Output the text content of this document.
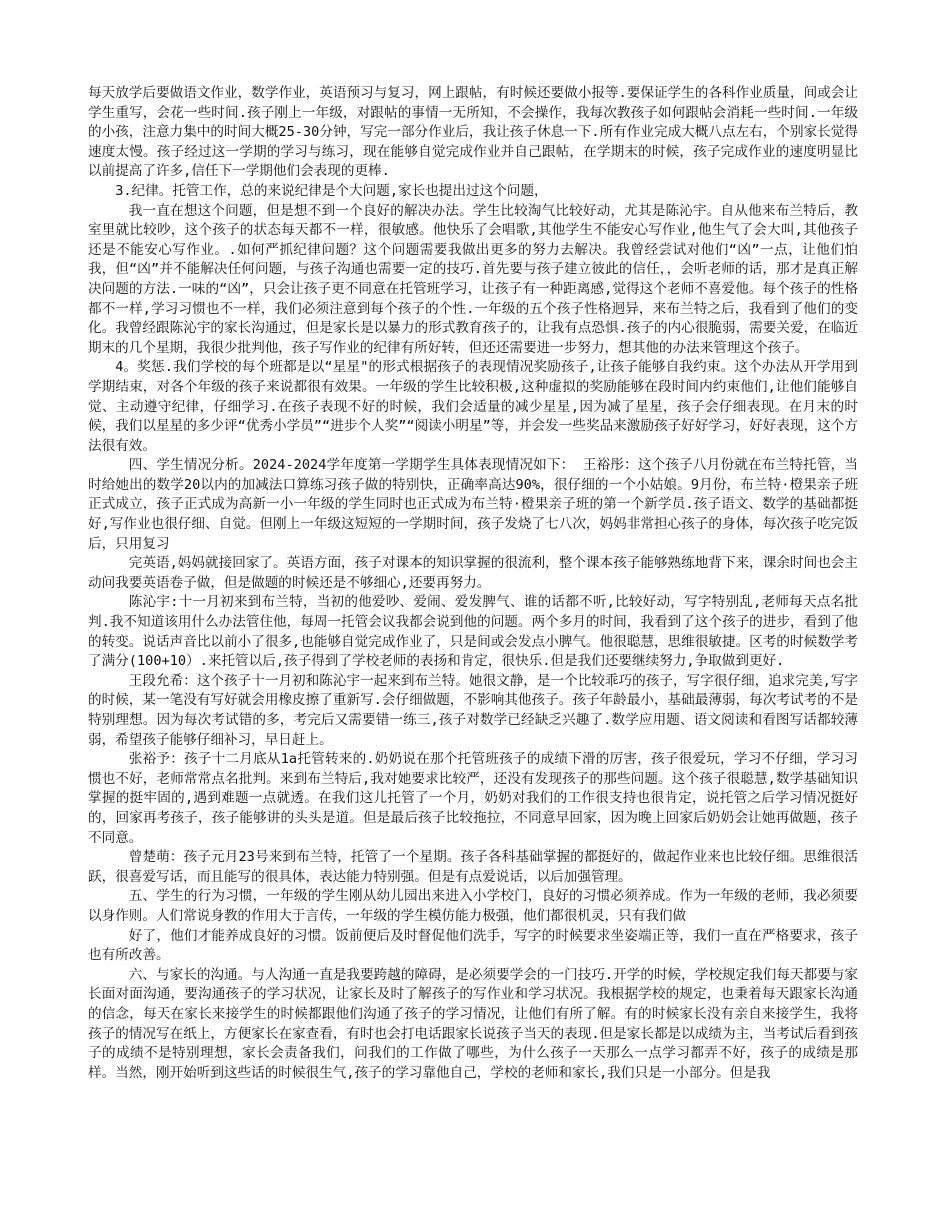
每天放学后要做语文作业，数学作业，英语预习与复习，网上跟帖，有时候还要做小报等.要保证学生的各科作业质量，间或会让学生重写，会花一些时间.孩子刚上一年级，对跟帖的事情一无所知，不会操作，我每次教孩子如何跟帖会消耗一些时间.一年级的小孩，注意力集中的时间大概25-30分钟，写完一部分作业后，我让孩子休息一下.所有作业完成大概八点左右，个别家长觉得速度太慢。孩子经过这一学期的学习与练习，现在能够自觉完成作业并自己跟帖，在学期末的时候，孩子完成作业的速度明显比以前提高了许多,信任下一学期他们会表现的更棒.

3.纪律。托管工作，总的来说纪律是个大问题,家长也提出过这个问题，

我一直在想这个问题，但是想不到一个良好的解决办法。学生比较淘气比较好动，尤其是陈沁宇。自从他来布兰特后，教室里就比较吵，这个孩子的状态每天都不一样，很敏感。他快乐了会唱歌,其他学生不能安心写作业,他生气了会大叫,其他孩子还是不能安心写作业。.如何严抓纪律问题？这个问题需要我做出更多的努力去解决。我曾经尝试对他们“凶”一点，让他们怕我，但“凶”并不能解决任何问题，与孩子沟通也需要一定的技巧.首先要与孩子建立彼此的信任，，会听老师的话，那才是真正解决问题的方法.一味的“凶”，只会让孩子更不同意在托管班学习，让孩子有一种距离感,觉得这个老师不喜爱他。每个孩子的性格都不一样,学习习惯也不一样，我们必须注意到每个孩子的个性.一年级的五个孩子性格迥异，来布兰特之后，我看到了他们的变化。我曾经跟陈沁宇的家长沟通过，但是家长是以暴力的形式教育孩子的，让我有点恐惧.孩子的内心很脆弱，需要关爱，在临近期末的几个星期，我很少批判他，孩子写作业的纪律有所好转，但还还需要进一步努力，想其他的办法来管理这个孩子。

4。奖惩.我们学校的每个班都是以“星星"的形式根据孩子的表现情况奖励孩子,让孩子能够自我约束。这个办法从开学用到学期结束，对各个年级的孩子来说都很有效果。一年级的学生比较积极,这种虚拟的奖励能够在段时间内约束他们,让他们能够自觉、主动遵守纪律，仔细学习.在孩子表现不好的时候，我们会适量的减少星星,因为减了星星，孩子会仔细表现。在月末的时候，我们以星星的多少评“优秀小学员”“进步个人奖”“阅读小明星”等，并会发一些奖品来激励孩子好好学习，好好表现，这个方法很有效。

四、学生情况分析。2024-2024学年度第一学期学生具体表现情况如下： 王裕彤：这个孩子八月份就在布兰特托管，当时给她出的数学20以内的加减法口算练习孩子做的特别快，正确率高达90%，很仔细的一个小姑娘。9月份，布兰特·橙果亲子班正式成立，孩子正式成为高新一小一年级的学生同时也正式成为布兰特·橙果亲子班的第一个新学员.孩子语文、数学的基础都挺好,写作业也很仔细、自觉。但刚上一年级这短短的一学期时间，孩子发烧了七八次，妈妈非常担心孩子的身体，每次孩子吃完饭后，只用复习

完英语,妈妈就接回家了。英语方面，孩子对课本的知识掌握的很流利，整个课本孩子能够熟练地背下来，课余时间也会主动问我要英语卷子做，但是做题的时候还是不够细心,还要再努力。

陈沁宇:十一月初来到布兰特，当初的他爱吵、爱闹、爱发脾气、谁的话都不听,比较好动，写字特别乱,老师每天点名批判.我不知道该用什么办法管住他，每周一托管会议我都会说到他的问题。两个多月的时间，我看到了这个孩子的进步，看到了他的转变。说话声音比以前小了很多,也能够自觉完成作业了，只是间或会发点小脾气。他很聪慧，思维很敏捷。区考的时候数学考了满分(100+10）.来托管以后,孩子得到了学校老师的表扬和肯定，很快乐.但是我们还要继续努力,争取做到更好.

王段允希：这个孩子十一月初和陈沁宇一起来到布兰特。她很文静，是一个比较乖巧的孩子，写字很仔细，追求完美,写字的时候，某一笔没有写好就会用橡皮擦了重新写.会仔细做题，不影响其他孩子。孩子年龄最小，基础最薄弱，每次考试考的不是特别理想。因为每次考试错的多，考完后又需要错一练三,孩子对数学已经缺乏兴趣了.数学应用题、语文阅读和看图写话都较薄弱，希望孩子能够仔细补习，早日赶上。

张裕予：孩子十二月底从1a托管转来的.奶奶说在那个托管班孩子的成绩下滑的厉害，孩子很爱玩，学习不仔细，学习习惯也不好，老师常常点名批判。来到布兰特后,我对她要求比较严，还没有发现孩子的那些问题。这个孩子很聪慧,数学基础知识掌握的挺牢固的,遇到难题一点就透。在我们这儿托管了一个月，奶奶对我们的工作很支持也很肯定，说托管之后学习情况挺好的，回家再考孩子，孩子能够讲的头头是道。但是最后孩子比较拖拉，不同意早回家，因为晚上回家后奶奶会让她再做题，孩子不同意。

曾楚萌：孩子元月23号来到布兰特，托管了一个星期。孩子各科基础掌握的都挺好的，做起作业来也比较仔细。思维很活跃，很喜爱写话，而且能写的很具体，表达能力特别强。但是有点爱说话，以后加强管理。

五、学生的行为习惯，一年级的学生刚从幼儿园出来进入小学校门，良好的习惯必须养成。作为一年级的老师，我必须要以身作则。人们常说身教的作用大于言传，一年级的学生模仿能力极强，他们都很机灵，只有我们做

好了，他们才能养成良好的习惯。饭前便后及时督促他们洗手，写字的时候要求坐姿端正等，我们一直在严格要求，孩子也有所改善。

六、与家长的沟通。与人沟通一直是我要跨越的障碍，是必须要学会的一门技巧.开学的时候，学校规定我们每天都要与家长面对面沟通，要沟通孩子的学习状况，让家长及时了解孩子的写作业和学习状况。我根据学校的规定，也秉着每天跟家长沟通的信念，每天在家长来接学生的时候都跟他们沟通了孩子的学习情况，让他们有所了解。有的时候家长没有亲自来接学生，我将孩子的情况写在纸上，方便家长在家查看，有时也会打电话跟家长说孩子当天的表现.但是家长都是以成绩为主，当考试后看到孩子的成绩不是特别理想，家长会责备我们，问我们的工作做了哪些，为什么孩子一天那么一点学习都弄不好，孩子的成绩是那样。当然，刚开始听到这些话的时候很生气,孩子的学习靠他自己，学校的老师和家长,我们只是一小部分。但是我
